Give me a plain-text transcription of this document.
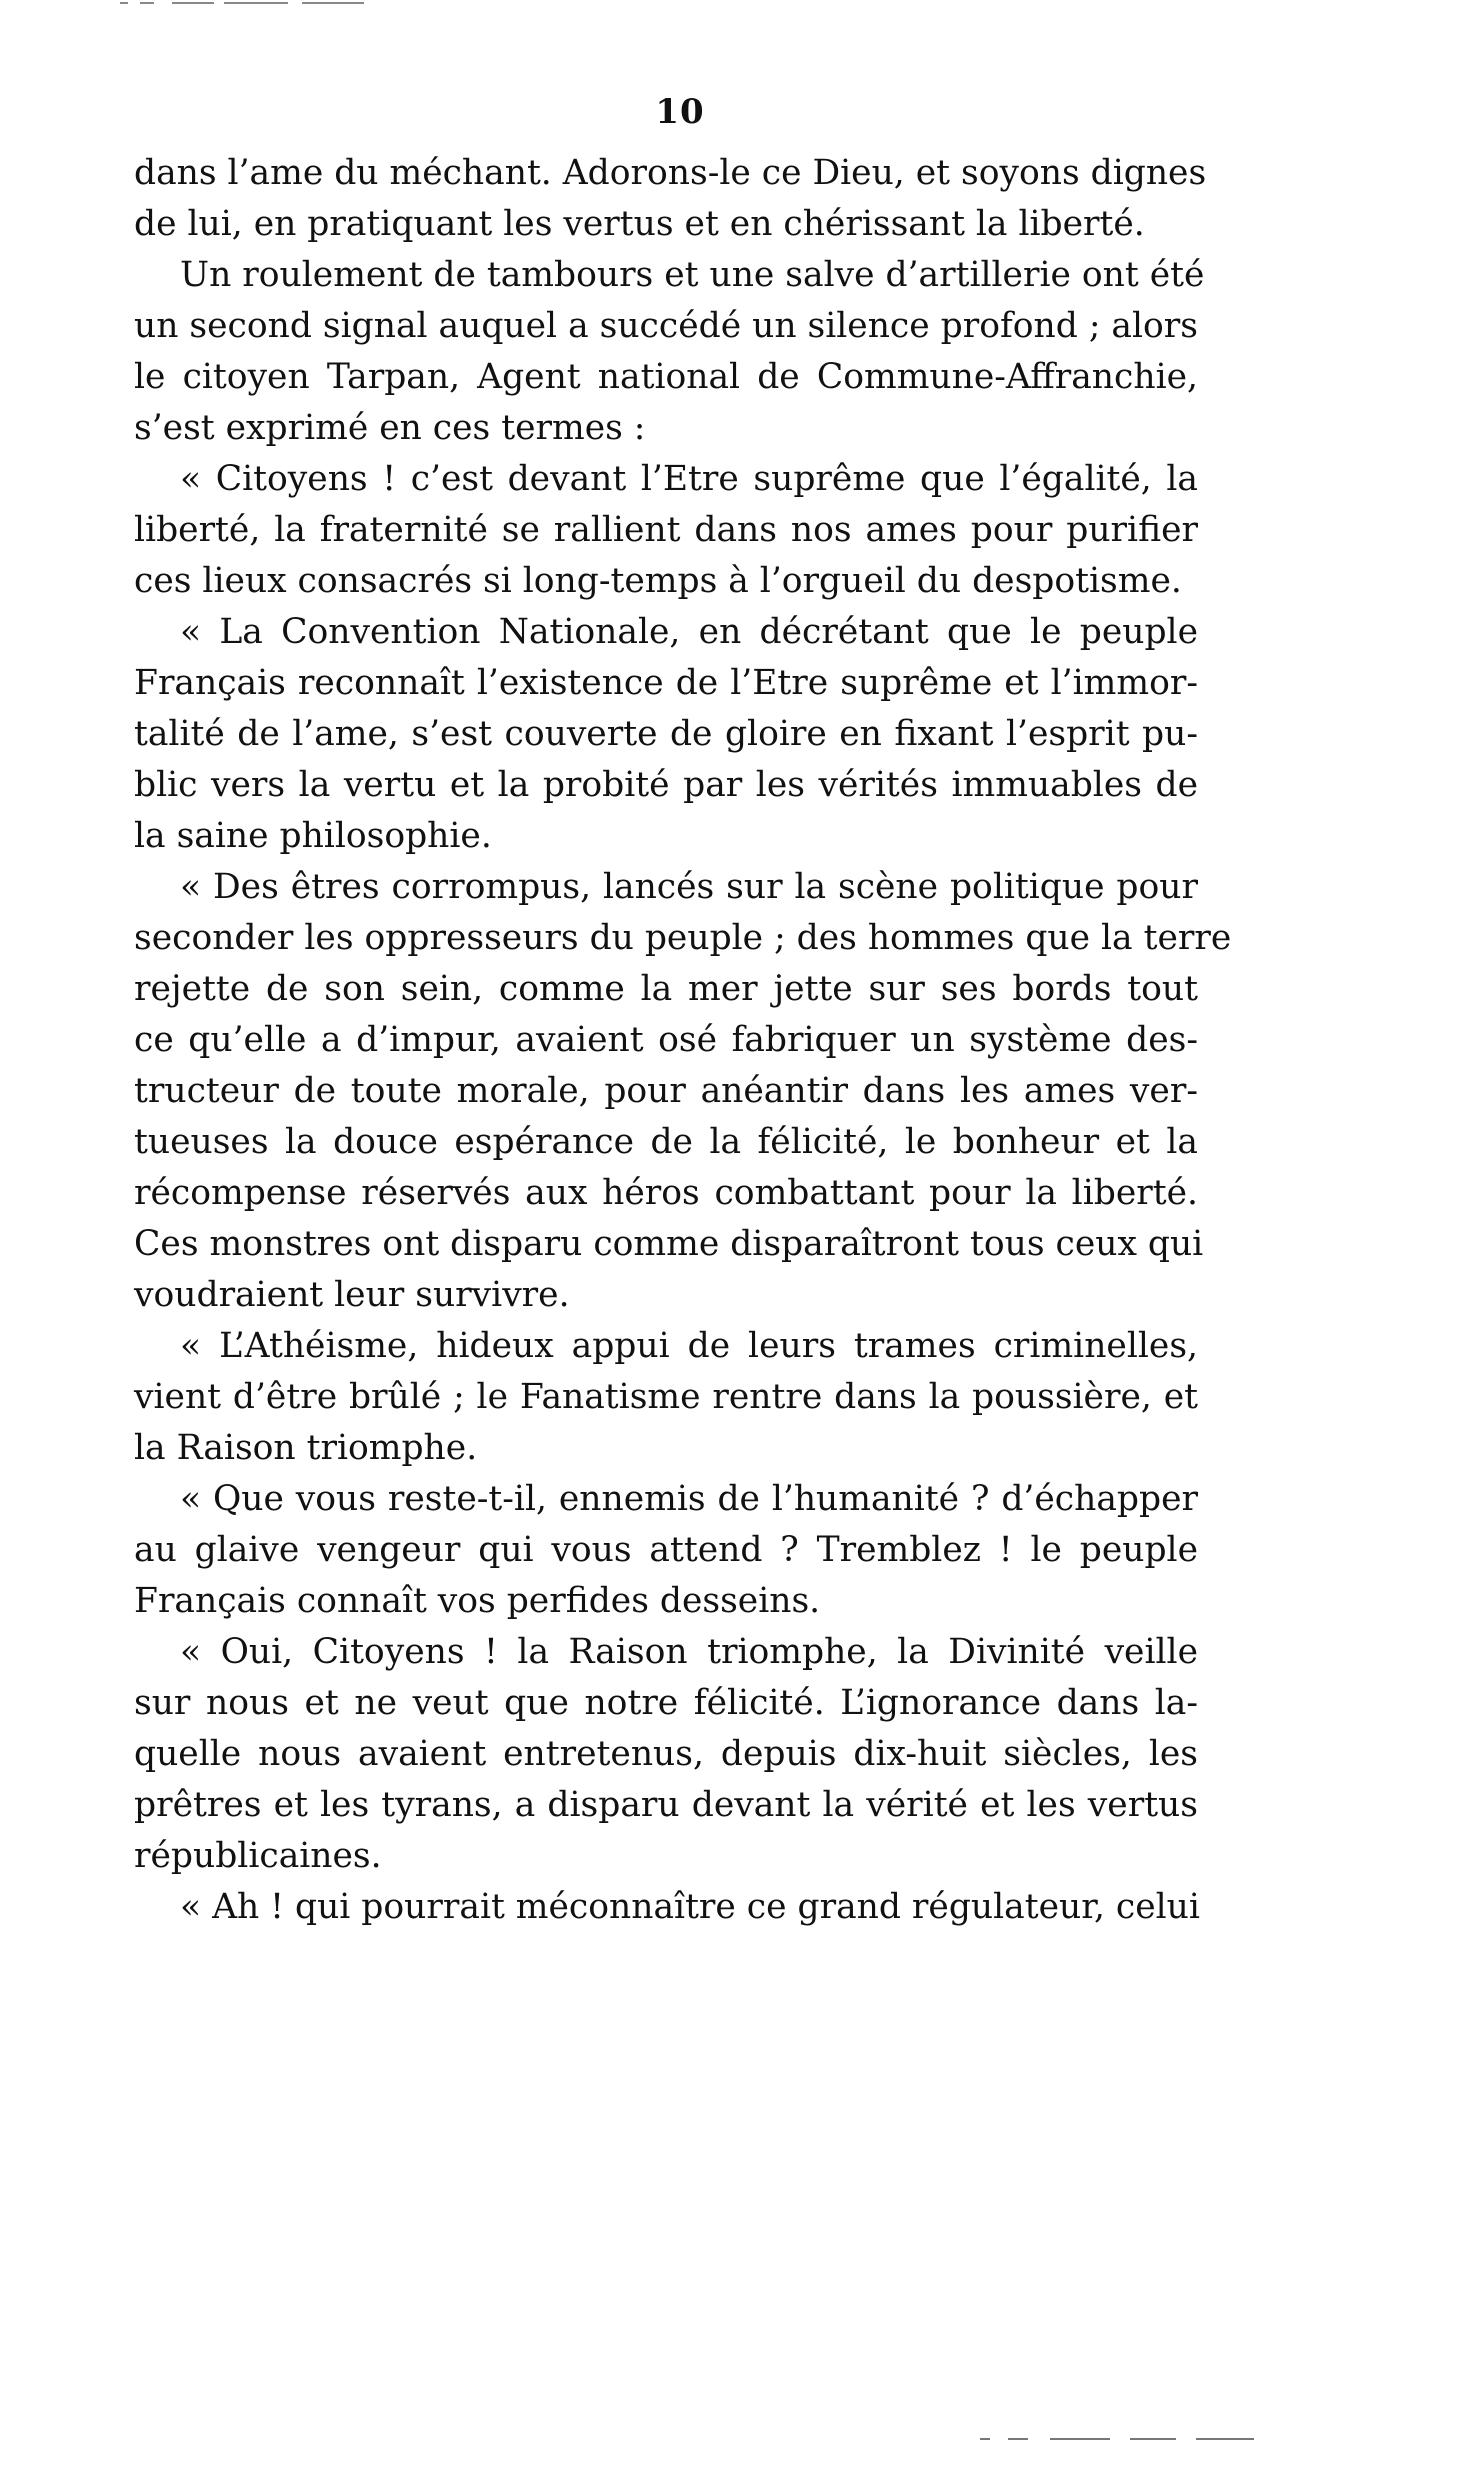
10
dans l’ame du méchant. Adorons-le ce Dieu, et soyons dignes
de lui, en pratiquant les vertus et en chérissant la liberté.
Un roulement de tambours et une salve d’artillerie ont été
un second signal auquel a succédé un silence profond ; alors
le citoyen Tarpan, Agent national de Commune-Affranchie,
s’est exprimé en ces termes :
« Citoyens ! c’est devant l’Etre suprême que l’égalité, la
liberté, la fraternité se rallient dans nos ames pour purifier
ces lieux consacrés si long-temps à l’orgueil du despotisme.
« La Convention Nationale, en décrétant que le peuple
Français reconnaît l’existence de l’Etre suprême et l’immor-
talité de l’ame, s’est couverte de gloire en fixant l’esprit pu-
blic vers la vertu et la probité par les vérités immuables de
la saine philosophie.
« Des êtres corrompus, lancés sur la scène politique pour
seconder les oppresseurs du peuple ; des hommes que la terre
rejette de son sein, comme la mer jette sur ses bords tout
ce qu’elle a d’impur, avaient osé fabriquer un système des-
tructeur de toute morale, pour anéantir dans les ames ver-
tueuses la douce espérance de la félicité, le bonheur et la
récompense réservés aux héros combattant pour la liberté.
Ces monstres ont disparu comme disparaîtront tous ceux qui
voudraient leur survivre.
« L’Athéisme, hideux appui de leurs trames criminelles,
vient d’être brûlé ; le Fanatisme rentre dans la poussière, et
la Raison triomphe.
« Que vous reste-t-il, ennemis de l’humanité ? d’échapper
au glaive vengeur qui vous attend ? Tremblez ! le peuple
Français connaît vos perfides desseins.
« Oui, Citoyens ! la Raison triomphe, la Divinité veille
sur nous et ne veut que notre félicité. L’ignorance dans la-
quelle nous avaient entretenus, depuis dix-huit siècles, les
prêtres et les tyrans, a disparu devant la vérité et les vertus
républicaines.
« Ah ! qui pourrait méconnaître ce grand régulateur, celui
